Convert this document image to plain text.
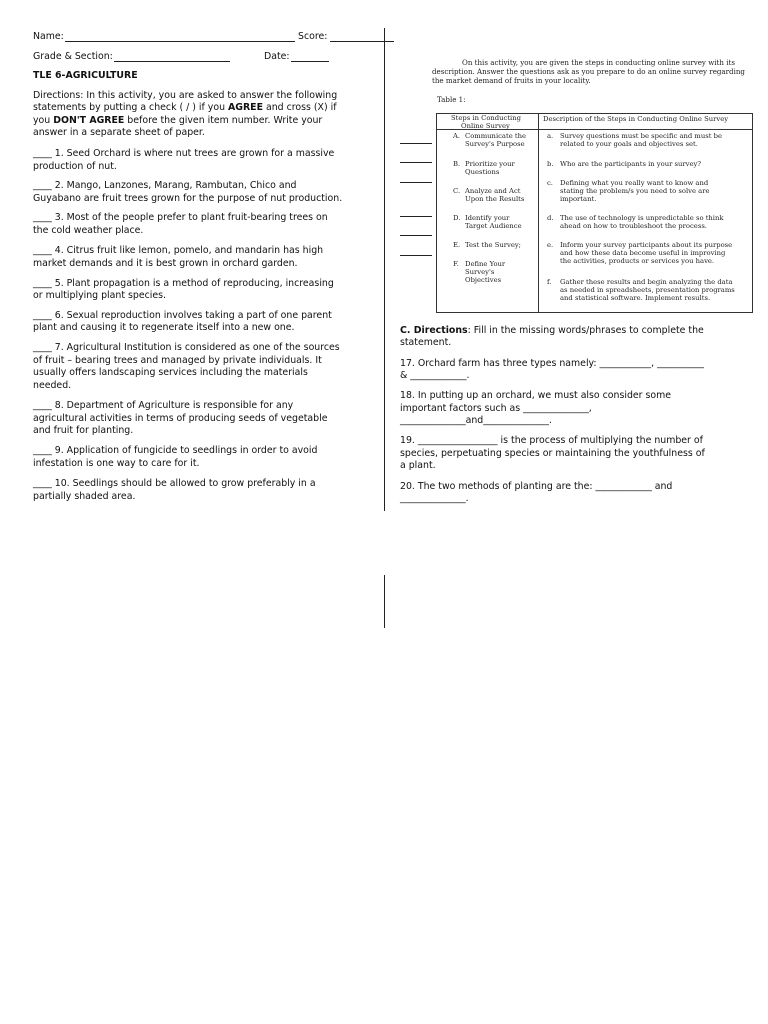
Name:	Score:
Grade & Section:	Date:
TLE 6-AGRICULTURE
Directions: In this activity, you are asked to answer the following
statements by putting a check ( / ) if you AGREE and cross (X) if
you DON'T AGREE before the given item number. Write your
answer in a separate sheet of paper.
____ 1. Seed Orchard is where nut trees are grown for a massive
production of nut.
____ 2. Mango, Lanzones, Marang, Rambutan, Chico and
Guyabano are fruit trees grown for the purpose of nut production.
____ 3. Most of the people prefer to plant fruit-bearing trees on
the cold weather place.
____ 4. Citrus fruit like lemon, pomelo, and mandarin has high
market demands and it is best grown in orchard garden.
____ 5. Plant propagation is a method of reproducing, increasing
or multiplying plant species.
____ 6. Sexual reproduction involves taking a part of one parent
plant and causing it to regenerate itself into a new one.
____ 7. Agricultural Institution is considered as one of the sources
of fruit – bearing trees and managed by private individuals. It
usually offers landscaping services including the materials
needed.
____ 8. Department of Agriculture is responsible for any
agricultural activities in terms of producing seeds of vegetable
and fruit for planting.
____ 9. Application of fungicide to seedlings in order to avoid
infestation is one way to care for it.
____ 10. Seedlings should be allowed to grow preferably in a
partially shaded area.
On this activity, you are given the steps in conducting online survey with its
description. Answer the questions ask as you prepare to do an online survey regarding
the market demand of fruits in your locality.
Table 1:
Steps in Conducting
Online Survey
Description of the Steps in Conducting Online Survey
A. Communicate the
Survey's Purpose
B. Prioritize your
Questions
C. Analyze and Act
Upon the Results
D. Identify your
Target Audience
E. Test the Survey;
F. Define Your
Survey's
Objectives
a. Survey questions must be specific and must be
related to your goals and objectives set.
b. Who are the participants in your survey?
c. Defining what you really want to know and
stating the problem/s you need to solve are
important.
d. The use of technology is unpredictable so think
ahead on how to troubleshoot the process.
e. Inform your survey participants about its purpose
and how these data become useful in improving
the activities, products or services you have.
f. Gather these results and begin analyzing the data
as needed in spreadsheets, presentation programs
and statistical software. Implement results.
C. Directions: Fill in the missing words/phrases to complete the
statement.
17. Orchard farm has three types namely: ___________, __________
& ____________.
18. In putting up an orchard, we must also consider some
important factors such as ______________,
______________and______________.
19. _________________ is the process of multiplying the number of
species, perpetuating species or maintaining the youthfulness of
a plant.
20. The two methods of planting are the: ____________ and
______________.
